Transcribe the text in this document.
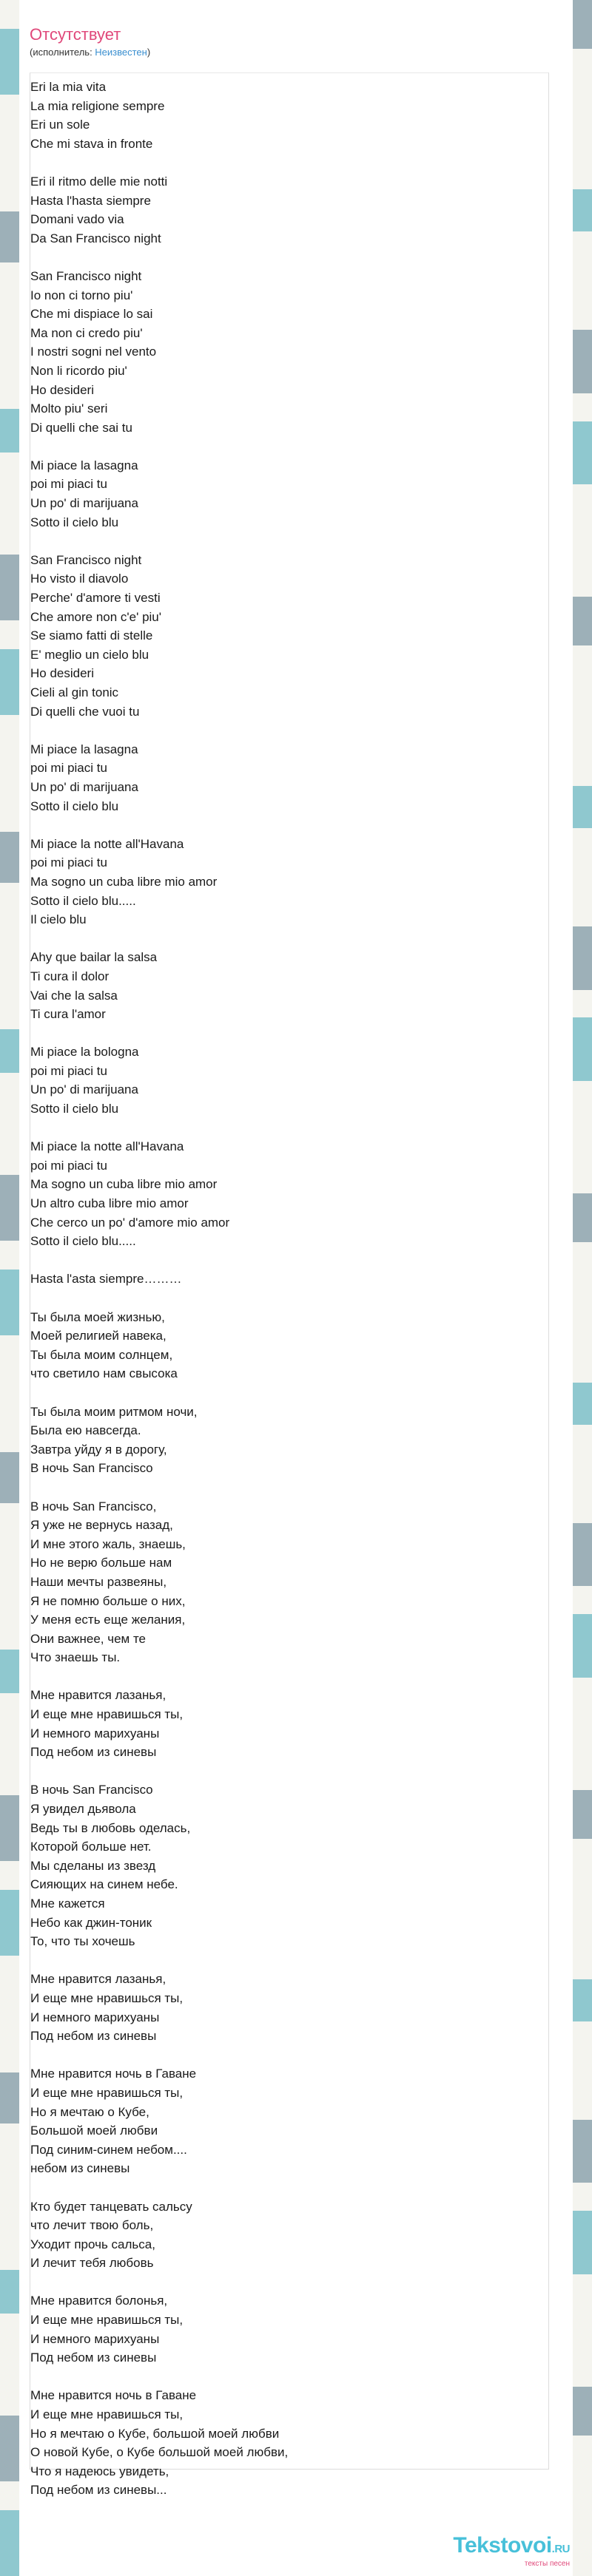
Отсутствует
(исполнитель: Неизвестен)
Eri la mia vita
La mia religione sempre
Eri un sole
Che mi stava in fronte
Eri il ritmo delle mie notti
Hasta l'hasta siempre
Domani vado via
Da San Francisco night
San Francisco night
Io non ci torno piu'
Che mi dispiace lo sai
Ma non ci credo piu'
I nostri sogni nel vento
Non li ricordo piu'
Ho desideri
Molto piu' seri
Di quelli che sai tu
Mi piace la lasagna
poi mi piaci tu
Un po' di marijuana
Sotto il cielo blu
San Francisco night
Ho visto il diavolo
Perche' d'amore ti vesti
Che amore non c'e' piu'
Se siamo fatti di stelle
E' meglio un cielo blu
Ho desideri
Cieli al gin tonic
Di quelli che vuoi tu
Mi piace la lasagna
poi mi piaci tu
Un po' di marijuana
Sotto il cielo blu
Mi piace la notte all'Havana
poi mi piaci tu
Ma sogno un cuba libre mio amor
Sotto il cielo blu.....
Il cielo blu
Ahy que bailar la salsa
Ti cura il dolor
Vai che la salsa
Ti cura l'amor
Mi piace la bologna
poi mi piaci tu
Un po' di marijuana
Sotto il cielo blu
Mi piace la notte all'Havana
poi mi piaci tu
Ma sogno un cuba libre mio amor
Un altro cuba libre mio amor
Che cerco un po' d'amore mio amor
Sotto il cielo blu.....
Hasta l'asta siempre………
Ты была моей жизнью,
Моей религией навека,
Ты была моим солнцем,
что светило нам свысока
Ты была моим ритмом ночи,
Была ею навсегда.
Завтра уйду я в дорогу,
В ночь San Francisco
В ночь San Francisco,
Я уже не вернусь назад,
И мне этого жаль, знаешь,
Но не верю больше нам
Наши мечты развеяны,
Я не помню больше о них,
У меня есть еще желания,
Они важнее, чем те
Что знаешь ты.
Мне нравится лазанья,
И еще мне нравишься ты,
И немного марихуаны
Под небом из синевы
В ночь San Francisco
Я увидел дьявола
Ведь ты в любовь оделась,
Которой больше нет.
Мы сделаны из звезд
Сияющих на синем небе.
Мне кажется
Небо как джин-тоник
То, что ты хочешь
Мне нравится лазанья,
И еще мне нравишься ты,
И немного марихуаны
Под небом из синевы
Мне нравится ночь в Гаване
И еще мне нравишься ты,
Но я мечтаю о Кубе,
Большой моей любви
Под синим-синем небом....
небом из синевы
Кто будет танцевать сальсу
что лечит твою боль,
Уходит прочь сальса,
И лечит тебя любовь
Мне нравится болонья,
И еще мне нравишься ты,
И немного марихуаны
Под небом из синевы
Мне нравится ночь в Гаване
И еще мне нравишься ты,
Но я мечтаю о Кубе, большой моей любви
О новой Кубе, о Кубе большой моей любви,
Что я надеюсь увидеть,
Под небом из синевы...
Tekstovoi.RU
тексты песен
